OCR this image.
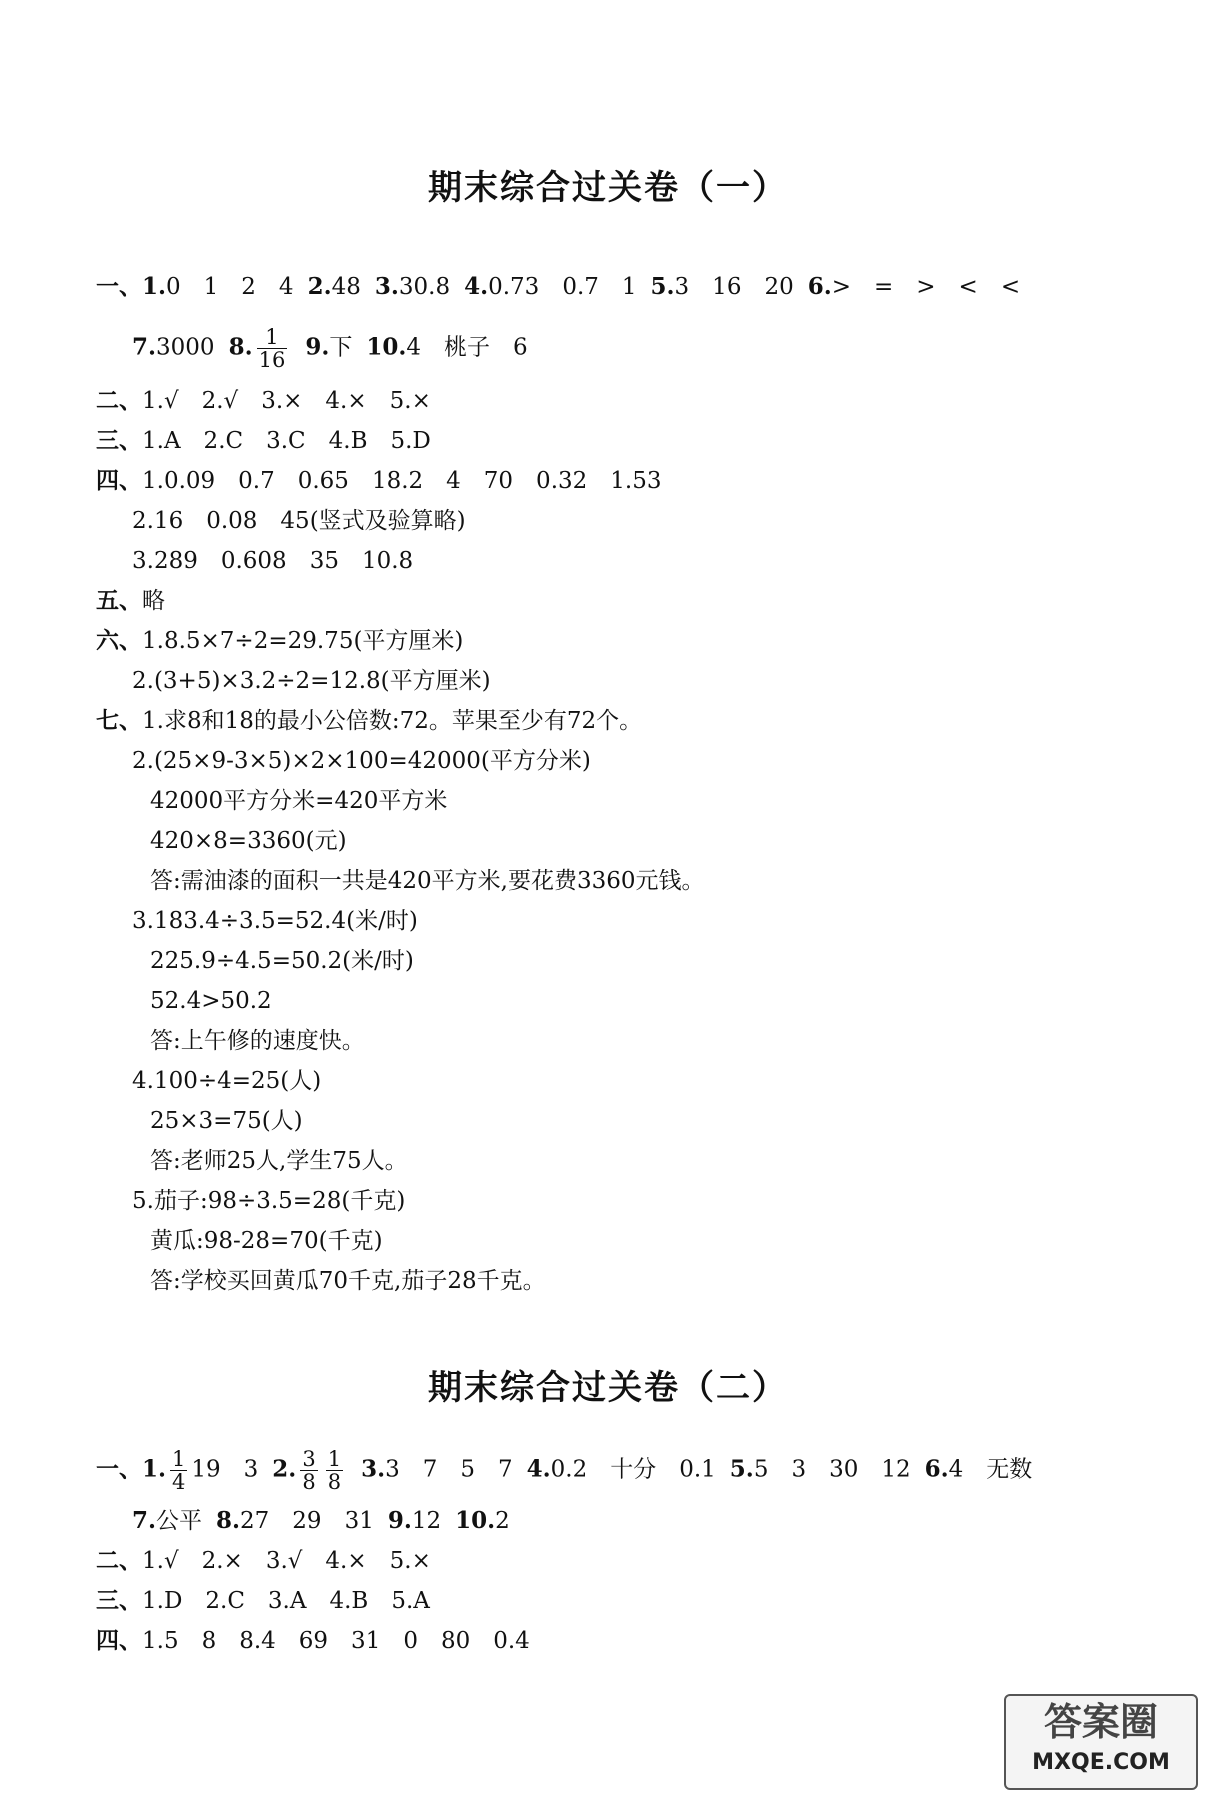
期末综合过关卷（一）
一、1.0　1　2　4 2.48 3.30.8 4.0.73　0.7　1 5.3　16　20 6.>　=　>　<　<
7.3000 8. $\frac{1}{16} 9$.下 10.4　桃子　6
二、1.√　2.√　3.×　4.×　5.×
三、1.A　2.C　3.C　4.B　5.D
四、1.0.09　0.7　0.65　18.2　4　70　0.32　1.53
2.16　0.08　45(竖式及验算略)
3.289　0.608　35　10.8
五、略
六、1.8.5×7÷2=29.75(平方厘米)
2.(3+5)×3.2÷2=12.8(平方厘米)
七、1.求8和18的最小公倍数:72。苹果至少有72个。
2.(25×9-3×5)×2×100=42000(平方分米)
42000平方分米=420平方米
420×8=3360(元)
答:需油漆的面积一共是420平方米,要花费3360元钱。
3.183.4÷3.5=52.4(米/时)
225.9÷4.5=50.2(米/时)
52.4>50.2
答:上午修的速度快。
4.100÷4=25(人)
25×3=75(人)
答:老师25人,学生75人。
5.茄子:98÷3.5=28(千克)
黄瓜:98-28=70(千克)
答:学校买回黄瓜70千克,茄子28千克。
期末综合过关卷（二）
一、1. $\frac{1}{4} 19$　3 2. $\frac{3}{8} \frac{1}{8} 3.3$　7　5　7 4.0.2　十分　0.1 5.5　3　30　12 6.4　无数
7.公平 8.27　29　31 9.12 10.2
二、1.√　2.×　3.√　4.×　5.×
三、1.D　2.C　3.A　4.B　5.A
四、1.5　8　8.4　69　31　0　80　0.4
答案圈
MXQE.COM
